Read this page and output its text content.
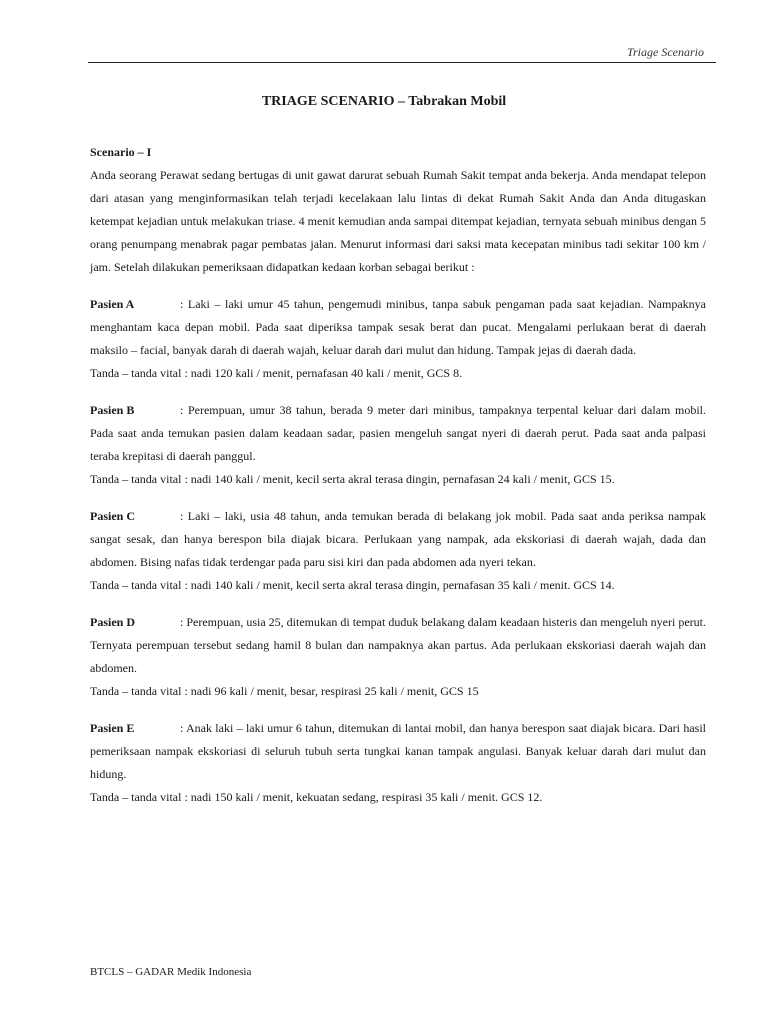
Triage Scenario
TRIAGE SCENARIO – Tabrakan Mobil
Scenario – I

Anda seorang Perawat sedang bertugas di unit gawat darurat sebuah Rumah Sakit tempat anda bekerja. Anda mendapat telepon dari atasan yang menginformasikan telah terjadi kecelakaan lalu lintas di dekat Rumah Sakit Anda dan Anda ditugaskan ketempat kejadian untuk melakukan triase. 4 menit kemudian anda sampai ditempat kejadian, ternyata sebuah minibus dengan 5 orang penumpang menabrak pagar pembatas jalan. Menurut informasi dari saksi mata kecepatan minibus tadi sekitar 100 km / jam. Setelah dilakukan pemeriksaan didapatkan kedaan korban sebagai berikut :

Pasien A	: Laki – laki umur 45 tahun, pengemudi minibus, tanpa sabuk pengaman pada saat kejadian. Nampaknya menghantam kaca depan mobil. Pada saat diperiksa tampak sesak berat dan pucat. Mengalami perlukaan berat di daerah maksilo – facial, banyak darah di daerah wajah, keluar darah dari mulut dan hidung. Tampak jejas di daerah dada.

Tanda – tanda vital : nadi 120 kali / menit, pernafasan 40 kali / menit, GCS 8.

Pasien B	: Perempuan, umur 38 tahun, berada 9 meter dari minibus, tampaknya terpental keluar dari dalam mobil. Pada saat anda temukan pasien dalam keadaan sadar, pasien mengeluh sangat nyeri di daerah perut. Pada saat anda palpasi teraba krepitasi di daerah panggul.

Tanda – tanda vital : nadi 140 kali / menit, kecil serta akral terasa dingin, pernafasan 24 kali / menit, GCS 15.

Pasien C	: Laki – laki, usia 48 tahun, anda temukan berada di belakang jok mobil. Pada saat anda periksa nampak sangat sesak, dan hanya berespon bila diajak bicara. Perlukaan yang nampak, ada ekskoriasi di daerah wajah, dada dan abdomen. Bising nafas tidak terdengar pada paru sisi kiri dan pada abdomen ada nyeri tekan.

Tanda – tanda vital : nadi 140 kali / menit, kecil serta akral terasa dingin, pernafasan 35 kali / menit. GCS 14.

Pasien D	: Perempuan, usia 25, ditemukan di tempat duduk belakang dalam keadaan histeris dan mengeluh nyeri perut. Ternyata perempuan tersebut sedang hamil 8 bulan dan nampaknya akan partus. Ada perlukaan ekskoriasi daerah wajah dan abdomen.

Tanda – tanda vital : nadi 96 kali / menit, besar, respirasi 25 kali / menit, GCS 15

Pasien E	: Anak laki – laki umur 6 tahun, ditemukan di lantai mobil, dan hanya berespon saat diajak bicara. Dari hasil pemeriksaan nampak ekskoriasi di seluruh tubuh serta tungkai kanan tampak angulasi. Banyak keluar darah dari mulut dan hidung.

Tanda – tanda vital : nadi 150 kali / menit, kekuatan sedang, respirasi 35 kali / menit. GCS 12.

BTCLS – GADAR Medik Indonesia
